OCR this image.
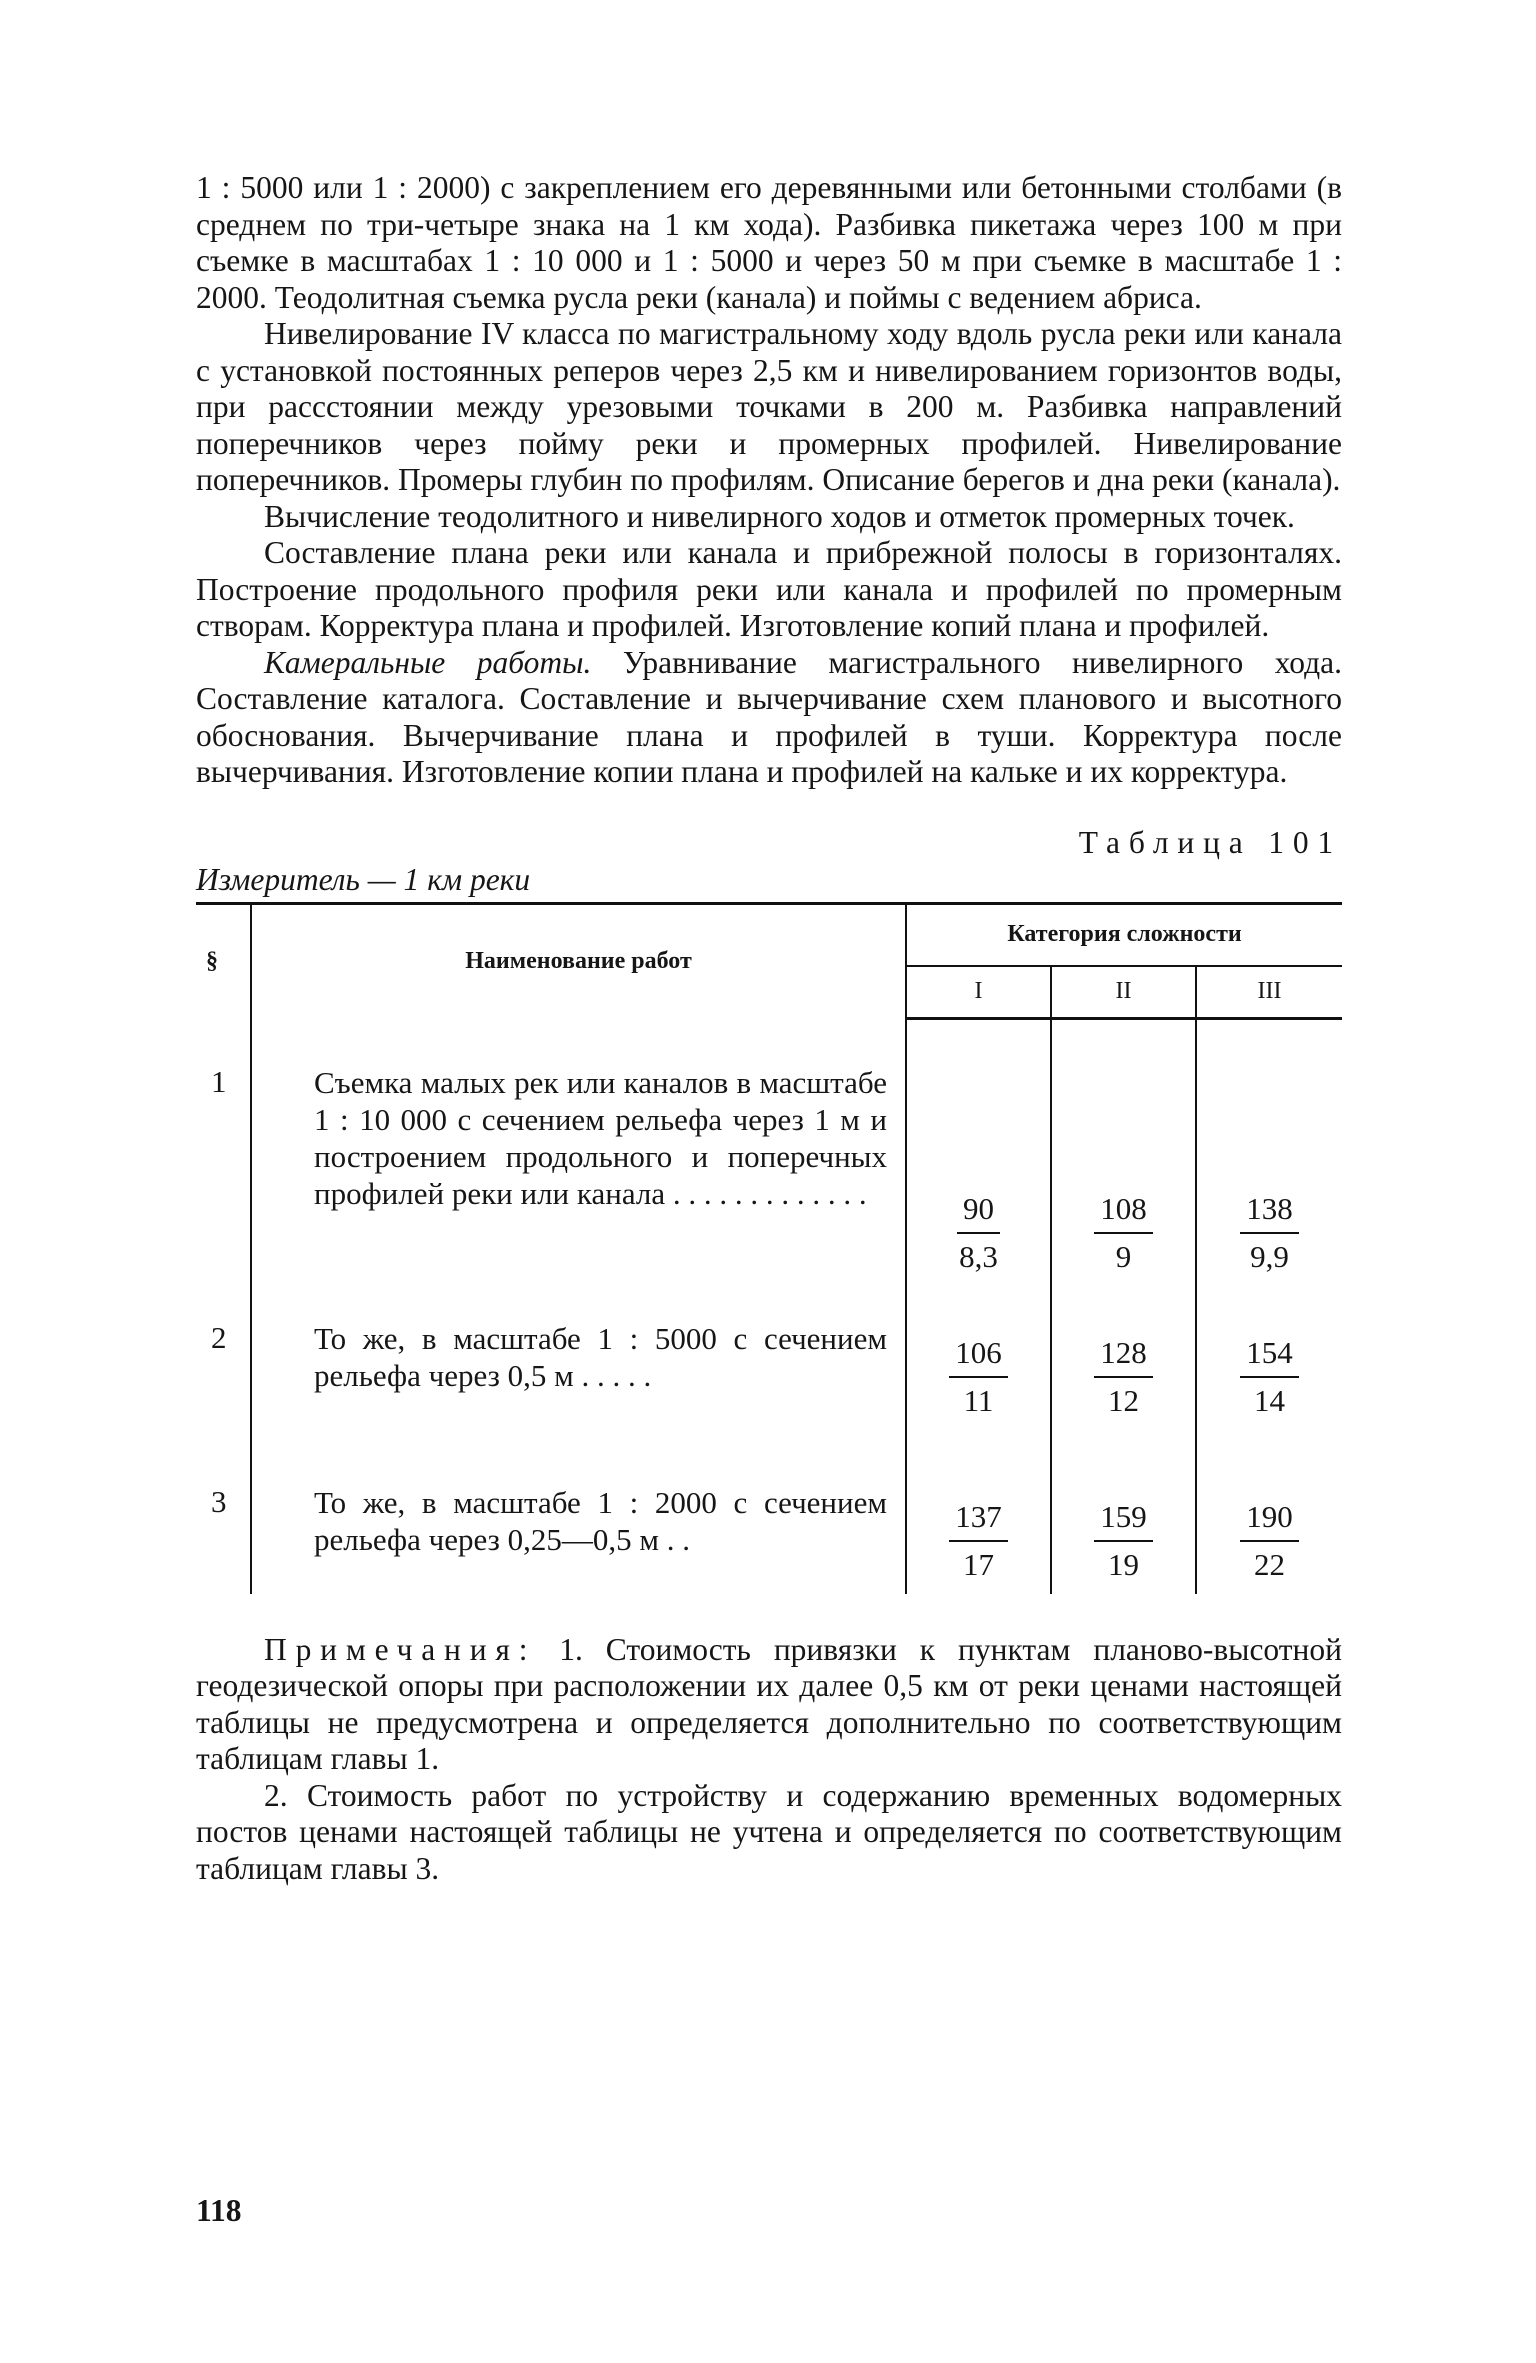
1 : 5000 или 1 : 2000) с закреплением его деревянными или бетонными столбами (в среднем по три-четыре знака на 1 км хода). Разбивка пикетажа через 100 м при съемке в масштабах 1 : 10 000 и 1 : 5000 и через 50 м при съемке в масштабе 1 : 2000. Теодолитная съемка русла реки (канала) и поймы с ведением абриса.

Нивелирование IV класса по магистральному ходу вдоль русла реки или канала с установкой постоянных реперов через 2,5 км и нивелированием горизонтов воды, при рассстоянии между урезовыми точками в 200 м. Разбивка направлений поперечников через пойму реки и промерных профилей. Нивелирование поперечников. Промеры глубин по профилям. Описание берегов и дна реки (канала).

Вычисление теодолитного и нивелирного ходов и отметок промерных точек.

Составление плана реки или канала и прибрежной полосы в горизонталях. Построение продольного профиля реки или канала и профилей по промерным створам. Корректура плана и профилей. Изготовление копий плана и профилей.

Камеральные работы. Уравнивание магистрального нивелирного хода. Составление каталога. Составление и вычерчивание схем планового и высотного обоснования. Вычерчивание плана и профилей в туши. Корректура после вычерчивания. Изготовление копии плана и профилей на кальке и их корректура.

Таблица 101
Измеритель — 1 км реки
§	Наименование работ	Категория сложности		
		I	II	III
1	Съемка малых рек или каналов в масштабе 1 : 10 000 с сечением рельефа через 1 м и построением продольного и поперечных профилей реки или канала . . . . . . . . . . . . .	$\frac{90}{8,3}$	$\frac{108}{9}$	$\frac{138}{9,9}$

2	То же, в масштабе 1 : 5000 с сечением рельефа через 0,5 м . . . . .	$\frac{106}{11}$	$\frac{128}{12}$	$\frac{154}{14}$

3	То же, в масштабе 1 : 2000 с сечением рельефа через 0,25—0,5 м . .	$\frac{137}{17}$	$\frac{159}{19}$	$\frac{190}{22}$

Примечания: 1. Стоимость привязки к пунктам планово-высотной геодезической опоры при расположении их далее 0,5 км от реки ценами настоящей таблицы не предусмотрена и определяется дополнительно по соответствующим таблицам главы 1.

2. Стоимость работ по устройству и содержанию временных водомерных постов ценами настоящей таблицы не учтена и определяется по соответствующим таблицам главы 3.

118
